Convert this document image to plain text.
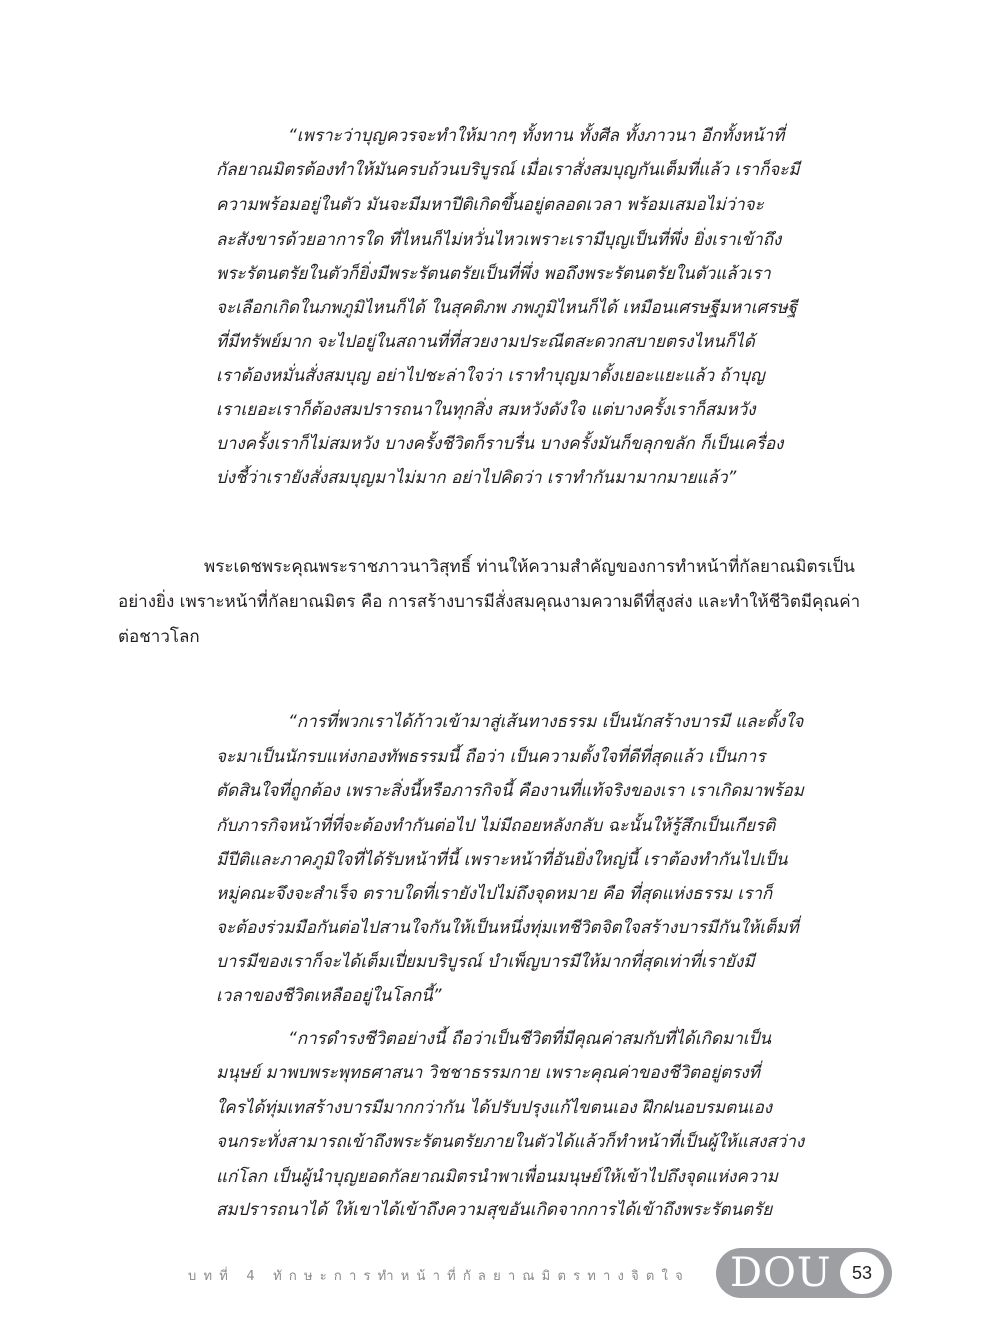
“เพราะว่าบุญควรจะทำให้มากๆ ทั้งทาน ทั้งศีล ทั้งภาวนา อีกทั้งหน้าที่
กัลยาณมิตรต้องทำให้มันครบถ้วนบริบูรณ์ เมื่อเราสั่งสมบุญกันเต็มที่แล้ว เราก็จะมี
ความพร้อมอยู่ในตัว มันจะมีมหาปีติเกิดขึ้นอยู่ตลอดเวลา พร้อมเสมอไม่ว่าจะ
ละสังขารด้วยอาการใด ที่ไหนก็ไม่หวั่นไหวเพราะเรามีบุญเป็นที่พึ่ง ยิ่งเราเข้าถึง
พระรัตนตรัยในตัวก็ยิ่งมีพระรัตนตรัยเป็นที่พึ่ง พอถึงพระรัตนตรัยในตัวแล้วเรา
จะเลือกเกิดในภพภูมิไหนก็ได้ ในสุคติภพ ภพภูมิไหนก็ได้ เหมือนเศรษฐีมหาเศรษฐี
ที่มีทรัพย์มาก จะไปอยู่ในสถานที่ที่สวยงามประณีตสะดวกสบายตรงไหนก็ได้
เราต้องหมั่นสั่งสมบุญ อย่าไปชะล่าใจว่า เราทำบุญมาตั้งเยอะแยะแล้ว ถ้าบุญ
เราเยอะเราก็ต้องสมปรารถนาในทุกสิ่ง สมหวังดังใจ แต่บางครั้งเราก็สมหวัง
บางครั้งเราก็ไม่สมหวัง บางครั้งชีวิตก็ราบรื่น บางครั้งมันก็ขลุกขลัก ก็เป็นเครื่อง
บ่งชี้ว่าเรายังสั่งสมบุญมาไม่มาก อย่าไปคิดว่า เราทำกันมามากมายแล้ว”
พระเดชพระคุณพระราชภาวนาวิสุทธิ์ ท่านให้ความสำคัญของการทำหน้าที่กัลยาณมิตรเป็น
อย่างยิ่ง เพราะหน้าที่กัลยาณมิตร คือ การสร้างบารมีสั่งสมคุณงามความดีที่สูงส่ง และทำให้ชีวิตมีคุณค่า
ต่อชาวโลก
“การที่พวกเราได้ก้าวเข้ามาสู่เส้นทางธรรม เป็นนักสร้างบารมี และตั้งใจ
จะมาเป็นนักรบแห่งกองทัพธรรมนี้ ถือว่า เป็นความตั้งใจที่ดีที่สุดแล้ว เป็นการ
ตัดสินใจที่ถูกต้อง เพราะสิ่งนี้หรือภารกิจนี้ คืองานที่แท้จริงของเรา เราเกิดมาพร้อม
กับภารกิจหน้าที่ที่จะต้องทำกันต่อไป ไม่มีถอยหลังกลับ ฉะนั้นให้รู้สึกเป็นเกียรติ
มีปีติและภาคภูมิใจที่ได้รับหน้าที่นี้ เพราะหน้าที่อันยิ่งใหญ่นี้ เราต้องทำกันไปเป็น
หมู่คณะจึงจะสำเร็จ ตราบใดที่เรายังไปไม่ถึงจุดหมาย คือ ที่สุดแห่งธรรม เราก็
จะต้องร่วมมือกันต่อไปสานใจกันให้เป็นหนึ่งทุ่มเทชีวิตจิตใจสร้างบารมีกันให้เต็มที่
บารมีของเราก็จะได้เต็มเปี่ยมบริบูรณ์ บำเพ็ญบารมีให้มากที่สุดเท่าที่เรายังมี
เวลาของชีวิตเหลืออยู่ในโลกนี้”
“การดำรงชีวิตอย่างนี้ ถือว่าเป็นชีวิตที่มีคุณค่าสมกับที่ได้เกิดมาเป็น
มนุษย์ มาพบพระพุทธศาสนา วิชชาธรรมกาย เพราะคุณค่าของชีวิตอยู่ตรงที่
ใครได้ทุ่มเทสร้างบารมีมากกว่ากัน ได้ปรับปรุงแก้ไขตนเอง ฝึกฝนอบรมตนเอง
จนกระทั่งสามารถเข้าถึงพระรัตนตรัยภายในตัวได้แล้วก็ทำหน้าที่เป็นผู้ให้แสงสว่าง
แก่โลก เป็นผู้นำบุญยอดกัลยาณมิตรนำพาเพื่อนมนุษย์ให้เข้าไปถึงจุดแห่งความ
สมปรารถนาได้ ให้เขาได้เข้าถึงความสุขอันเกิดจากการได้เข้าถึงพระรัตนตรัย
บทที่ 4 ทักษะการทำหน้าที่กัลยาณมิตรทางจิตใจ DOU	53
